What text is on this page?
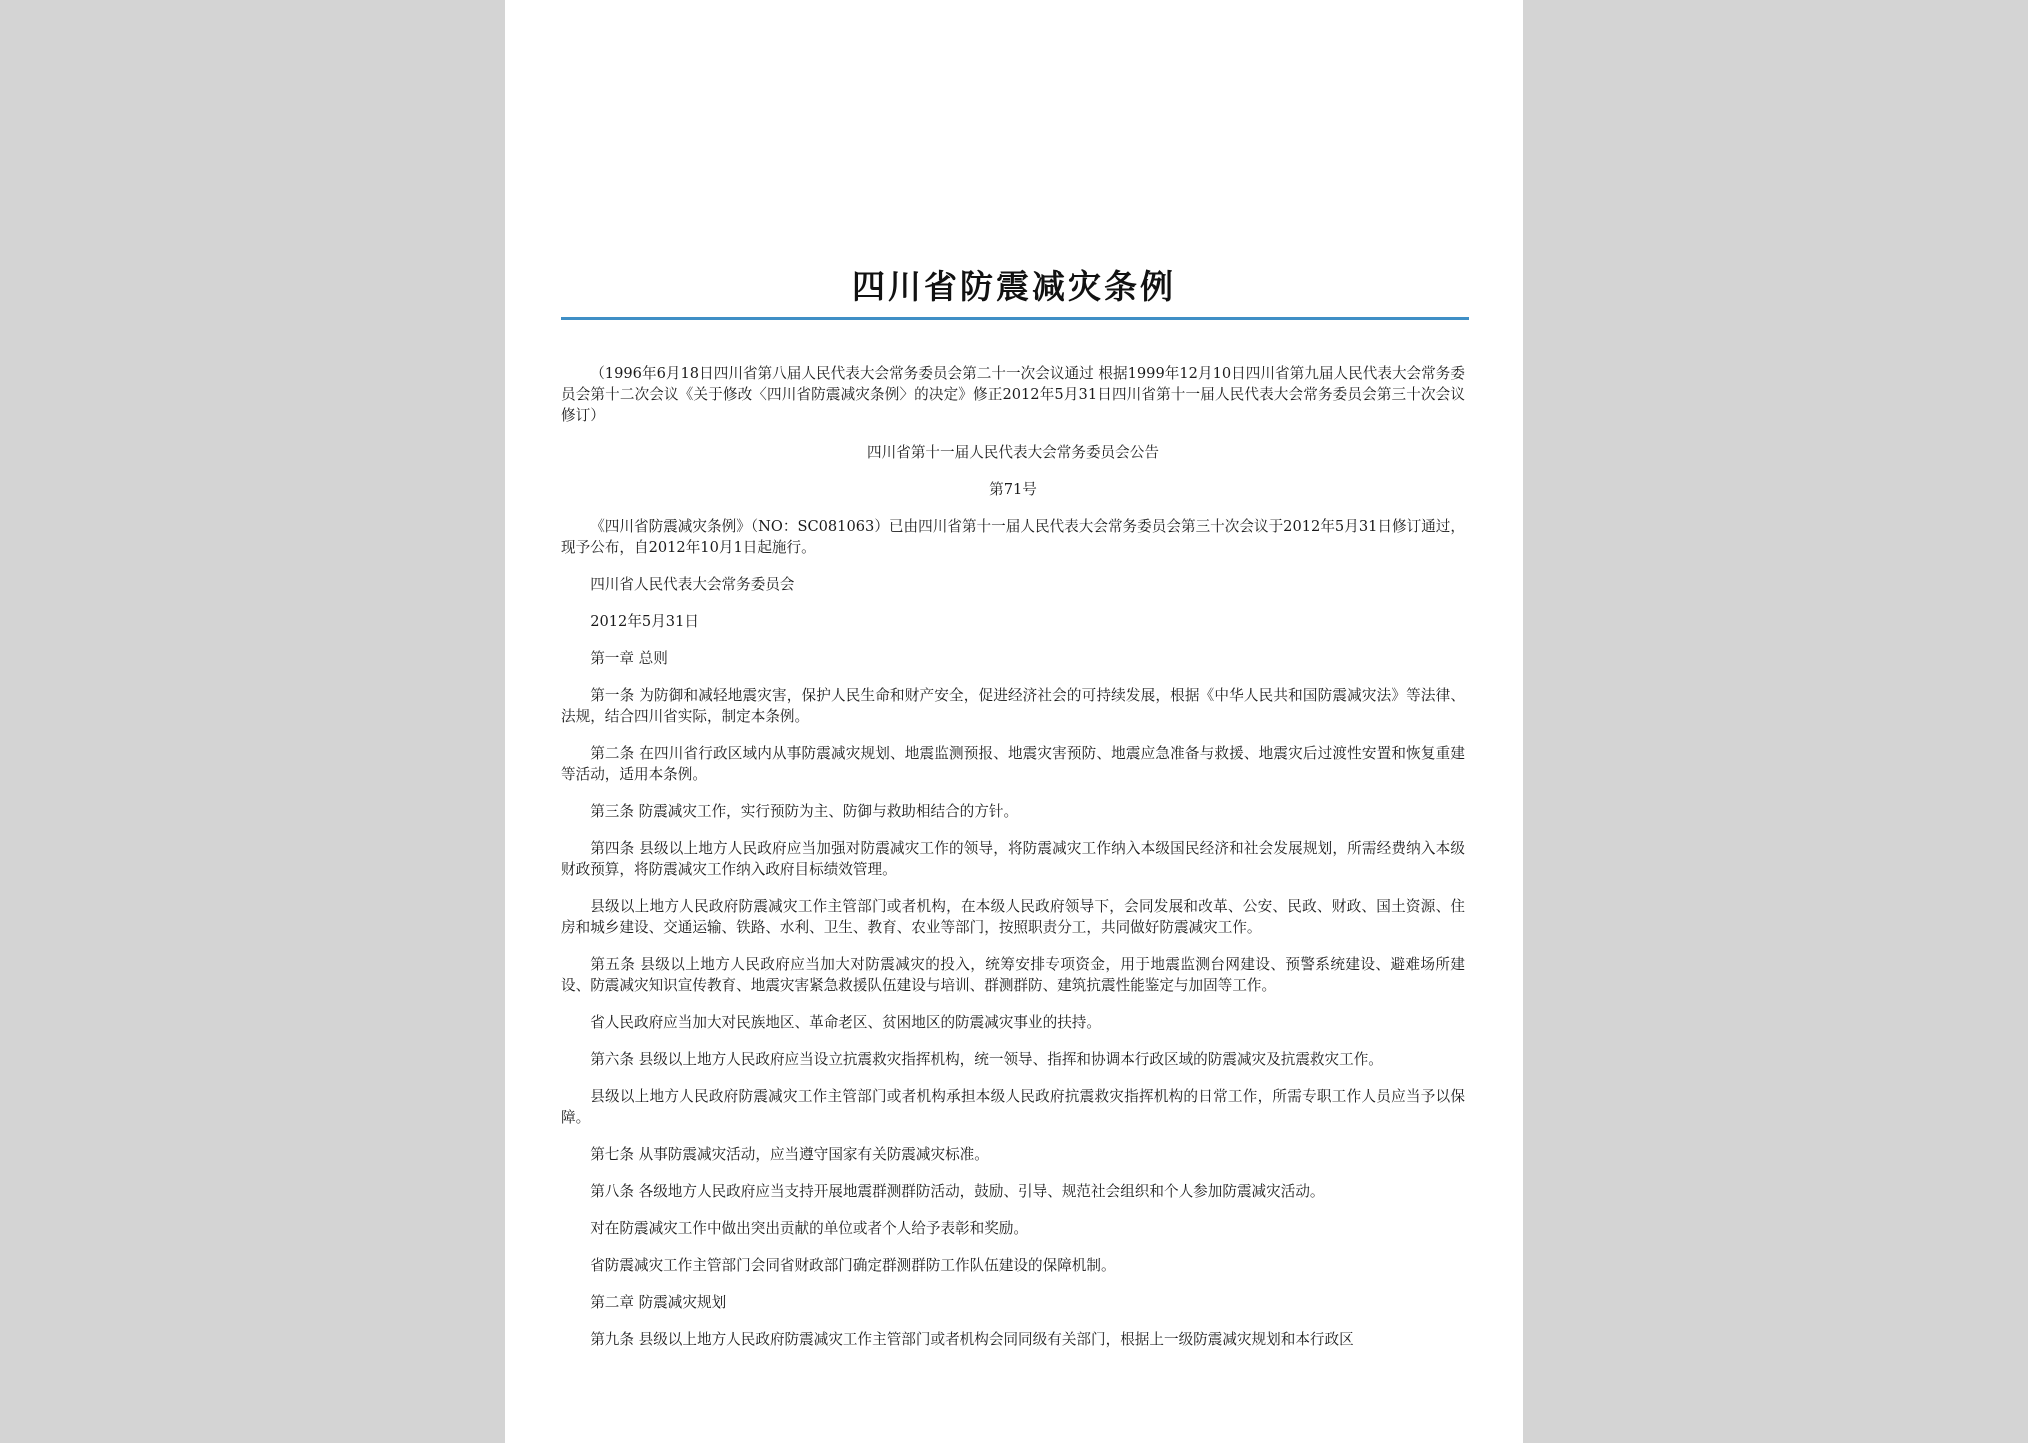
四川省防震减灾条例

（1996年6月18日四川省第八届人民代表大会常务委员会第二十一次会议通过 根据1999年12月10日四川省第九届人民代表大会常务委员会第十二次会议《关于修改〈四川省防震减灾条例〉的决定》修正2012年5月31日四川省第十一届人民代表大会常务委员会第三十次会议修订）

四川省第十一届人民代表大会常务委员会公告

第71号

《四川省防震减灾条例》（NO：SC081063）已由四川省第十一届人民代表大会常务委员会第三十次会议于2012年5月31日修订通过，现予公布，自2012年10月1日起施行。

四川省人民代表大会常务委员会

2012年5月31日

第一章 总则

第一条 为防御和减轻地震灾害，保护人民生命和财产安全，促进经济社会的可持续发展，根据《中华人民共和国防震减灾法》等法律、法规，结合四川省实际，制定本条例。

第二条 在四川省行政区域内从事防震减灾规划、地震监测预报、地震灾害预防、地震应急准备与救援、地震灾后过渡性安置和恢复重建等活动，适用本条例。

第三条 防震减灾工作，实行预防为主、防御与救助相结合的方针。

第四条 县级以上地方人民政府应当加强对防震减灾工作的领导，将防震减灾工作纳入本级国民经济和社会发展规划，所需经费纳入本级财政预算，将防震减灾工作纳入政府目标绩效管理。

县级以上地方人民政府防震减灾工作主管部门或者机构，在本级人民政府领导下，会同发展和改革、公安、民政、财政、国土资源、住房和城乡建设、交通运输、铁路、水利、卫生、教育、农业等部门，按照职责分工，共同做好防震减灾工作。

第五条 县级以上地方人民政府应当加大对防震减灾的投入，统筹安排专项资金，用于地震监测台网建设、预警系统建设、避难场所建设、防震减灾知识宣传教育、地震灾害紧急救援队伍建设与培训、群测群防、建筑抗震性能鉴定与加固等工作。

省人民政府应当加大对民族地区、革命老区、贫困地区的防震减灾事业的扶持。

第六条 县级以上地方人民政府应当设立抗震救灾指挥机构，统一领导、指挥和协调本行政区域的防震减灾及抗震救灾工作。

县级以上地方人民政府防震减灾工作主管部门或者机构承担本级人民政府抗震救灾指挥机构的日常工作，所需专职工作人员应当予以保障。

第七条 从事防震减灾活动，应当遵守国家有关防震减灾标准。

第八条 各级地方人民政府应当支持开展地震群测群防活动，鼓励、引导、规范社会组织和个人参加防震减灾活动。

对在防震减灾工作中做出突出贡献的单位或者个人给予表彰和奖励。

省防震减灾工作主管部门会同省财政部门确定群测群防工作队伍建设的保障机制。

第二章 防震减灾规划

第九条 县级以上地方人民政府防震减灾工作主管部门或者机构会同同级有关部门，根据上一级防震减灾规划和本行政区
